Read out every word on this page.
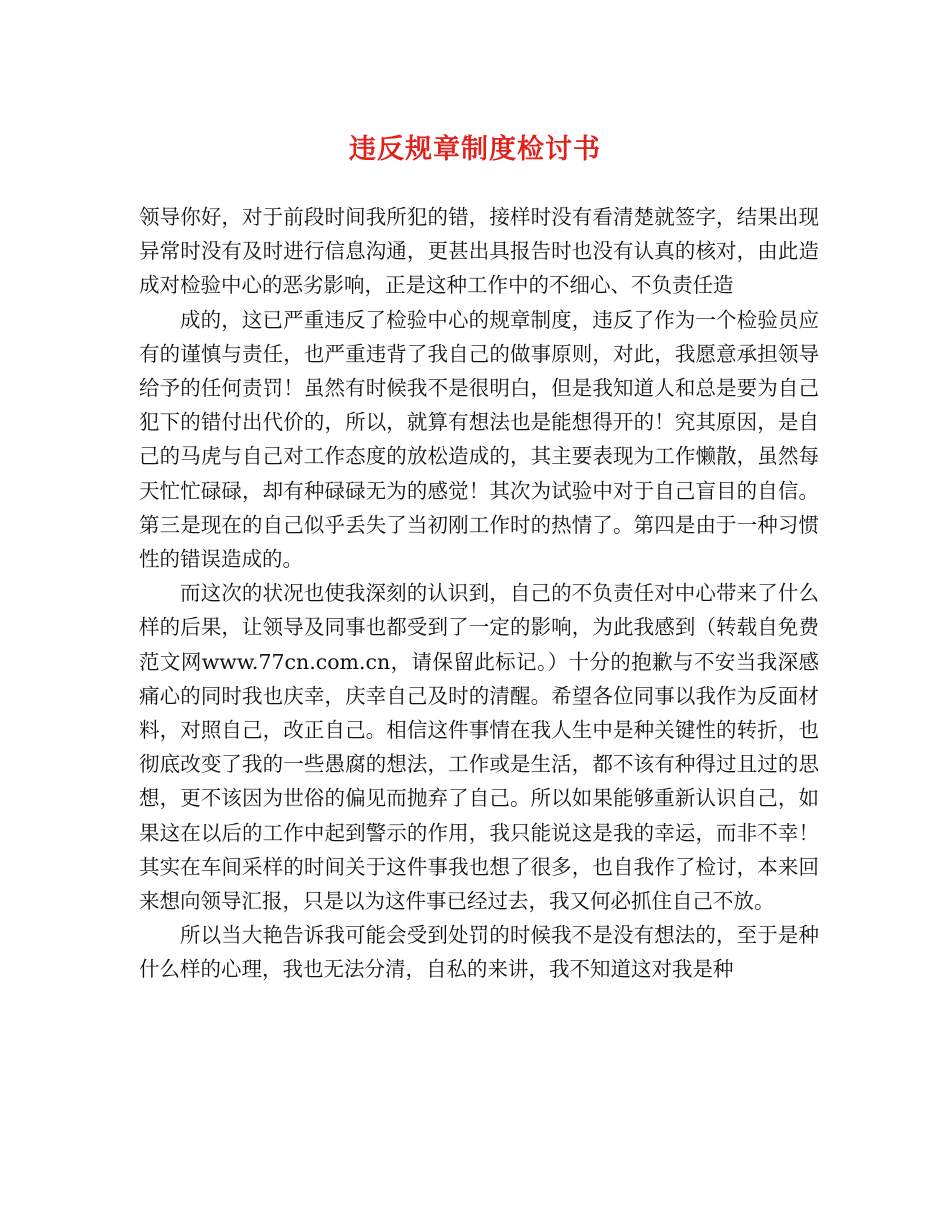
违反规章制度检讨书

领导你好，对于前段时间我所犯的错，接样时没有看清楚就签字，结果出现异常时没有及时进行信息沟通，更甚出具报告时也没有认真的核对，由此造成对检验中心的恶劣影响，正是这种工作中的不细心、不负责任造

成的，这已严重违反了检验中心的规章制度，违反了作为一个检验员应有的谨慎与责任，也严重违背了我自己的做事原则，对此，我愿意承担领导给予的任何责罚！虽然有时候我不是很明白，但是我知道人和总是要为自己犯下的错付出代价的，所以，就算有想法也是能想得开的！究其原因，是自己的马虎与自己对工作态度的放松造成的，其主要表现为工作懒散，虽然每天忙忙碌碌，却有种碌碌无为的感觉！其次为试验中对于自己盲目的自信。第三是现在的自己似乎丢失了当初刚工作时的热情了。第四是由于一种习惯性的错误造成的。

而这次的状况也使我深刻的认识到，自己的不负责任对中心带来了什么样的后果，让领导及同事也都受到了一定的影响，为此我感到（转载自免费范文网www.77cn.com.cn，请保留此标记。）十分的抱歉与不安当我深感痛心的同时我也庆幸，庆幸自己及时的清醒。希望各位同事以我作为反面材料，对照自己，改正自己。相信这件事情在我人生中是种关键性的转折，也彻底改变了我的一些愚腐的想法，工作或是生活，都不该有种得过且过的思想，更不该因为世俗的偏见而抛弃了自己。所以如果能够重新认识自己，如果这在以后的工作中起到警示的作用，我只能说这是我的幸运，而非不幸！其实在车间采样的时间关于这件事我也想了很多，也自我作了检讨，本来回来想向领导汇报，只是以为这件事已经过去，我又何必抓住自己不放。

所以当大艳告诉我可能会受到处罚的时候我不是没有想法的，至于是种什么样的心理，我也无法分清，自私的来讲，我不知道这对我是种
